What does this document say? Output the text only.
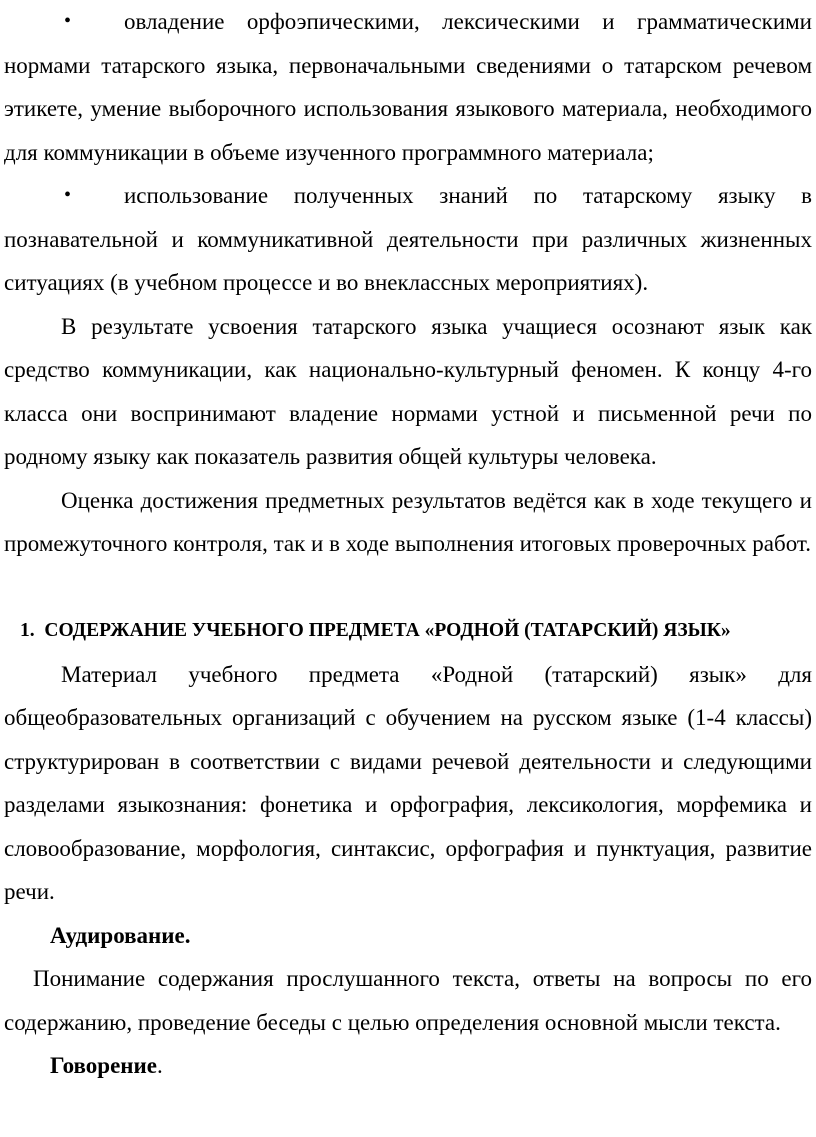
• овладение орфоэпическими, лексическими и грамматическими нормами татарского языка, первоначальными сведениями о татарском речевом этикете, умение выборочного использования языкового материала, необходимого для коммуникации в объеме изученного программного материала;

• использование полученных знаний по татарскому языку в познавательной и коммуникативной деятельности при различных жизненных ситуациях (в учебном процессе и во внеклассных мероприятиях).

В результате усвоения татарского языка учащиеся осознают язык как средство коммуникации, как национально-культурный феномен. К концу 4-го класса они воспринимают владение нормами устной и письменной речи по родному языку как показатель развития общей культуры человека.

Оценка достижения предметных результатов ведётся как в ходе текущего и промежуточного контроля, так и в ходе выполнения итоговых проверочных работ.

1. СОДЕРЖАНИЕ УЧЕБНОГО ПРЕДМЕТА «РОДНОЙ (ТАТАРСКИЙ) ЯЗЫК»

Материал учебного предмета «Родной (татарский) язык» для общеобразовательных организаций с обучением на русском языке (1-4 классы) структурирован в соответствии с видами речевой деятельности и следующими разделами языкознания: фонетика и орфография, лексикология, морфемика и словообразование, морфология, синтаксис, орфография и пунктуация, развитие речи.

Аудирование.

Понимание содержания прослушанного текста, ответы на вопросы по его содержанию, проведение беседы с целью определения основной мысли текста.

Говорение.
